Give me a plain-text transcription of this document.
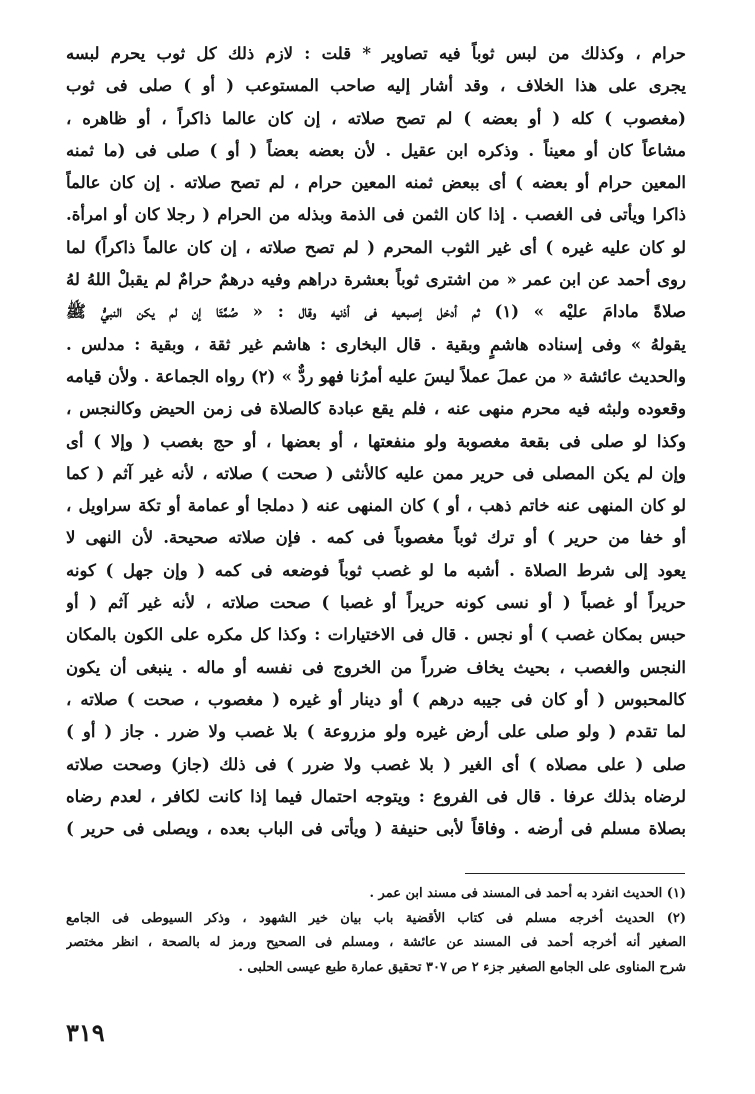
حرام ، وكذلك من لبس ثوباً فيه تصاوير * قلت : لازم ذلك كل ثوب يحرم لبسه
يجرى على هذا الخلاف ، وقد أشار إليه صاحب المستوعب ( أو ) صلى فى ثوب
(مغصوب ) كله ( أو بعضه ) لم تصح صلاته ، إن كان عالما ذاكراً ، أو ظاهره ،
مشاعاً كان أو معيناً . وذكره ابن عقيل . لأن بعضه بعضاً ( أو ) صلى فى (ما ثمنه
المعين حرام أو بعضه ) أى ببعض ثمنه المعين حرام ، لم تصح صلاته . إن كان عالماً
ذاكرا ويأتى فى الغصب . إذا كان الثمن فى الذمة وبذله من الحرام ( رجلا كان أو امرأة.
لو كان عليه غيره ) أى غير الثوب المحرم ( لم تصح صلاته ، إن كان عالماً ذاكراً) لما
روى أحمد عن ابن عمر « من اشترى ثوباً بعشرة دراهم وفيه درهمٌ حرامٌ لم يقبلْ اللهُ لهُ
صلاةً مادامَ عليْه » (١) ثم أدخل إصبعيه فى أذنيه وقال : « صُمَّتَا إن لم يكن النبيُّ ﷺ
يقولهُ » وفى إسناده هاشمٍ وبقية . قال البخارى : هاشم غير ثقة ، وبقية : مدلس .
والحديث عائشة « من عملَ عملاً ليسَ عليه أمرُنا فهو ردٌّ » (٢) رواه الجماعة . ولأن قيامه
وقعوده ولبثه فيه محرم منهى عنه ، فلم يقع عبادة كالصلاة فى زمن الحيض وكالنجس ،
وكذا لو صلى فى بقعة مغصوبة ولو منفعتها ، أو بعضها ، أو حج بغصب ( وإلا ) أى
وإن لم يكن المصلى فى حرير ممن عليه كالأنثى ( صحت ) صلاته ، لأنه غير آثم ( كما
لو كان المنهى عنه خاتم ذهب ، أو ) كان المنهى عنه ( دملجا أو عمامة أو تكة سراويل ،
أو خفا من حرير ) أو ترك ثوباً مغصوباً فى كمه . فإن صلاته صحيحة. لأن النهى لا
يعود إلى شرط الصلاة . أشبه ما لو غصب ثوباً فوضعه فى كمه ( وإن جهل ) كونه
حريراً أو غصباً ( أو نسى كونه حريراً أو غصبا ) صحت صلاته ، لأنه غير آثم ( أو
حبس بمكان غصب ) أو نجس . قال فى الاختيارات : وكذا كل مكره على الكون بالمكان
النجس والغصب ، بحيث يخاف ضرراً من الخروج فى نفسه أو ماله . ينبغى أن يكون
كالمحبوس ( أو كان فى جيبه درهم ) أو دينار أو غيره ( مغصوب ، صحت ) صلاته ،
لما تقدم ( ولو صلى على أرض غيره ولو مزروعة ) بلا غصب ولا ضرر . جاز ( أو )
صلى ( على مصلاه ) أى الغير ( بلا غصب ولا ضرر ) فى ذلك (جاز) وصحت صلاته
لرضاه بذلك عرفا . قال فى الفروع : ويتوجه احتمال فيما إذا كانت لكافر ، لعدم رضاه
بصلاة مسلم فى أرضه . وفاقاً لأبى حنيفة ( ويأتى فى الباب بعده ، ويصلى فى حرير )
(١) الحديث انفرد به أحمد فى المسند فى مسند ابن عمر .
(٢) الحديث أخرجه مسلم فى كتاب الأقضية باب بيان خير الشهود ، وذكر السيوطى فى الجامع
الصغير أنه أخرجه أحمد فى المسند عن عائشة ، ومسلم فى الصحيح ورمز له بالصحة ، انظر مختصر
شرح المناوى على الجامع الصغير جزء ٢ ص ٣٠٧ تحقيق عمارة طبع عيسى الحلبى .
٣١٩
